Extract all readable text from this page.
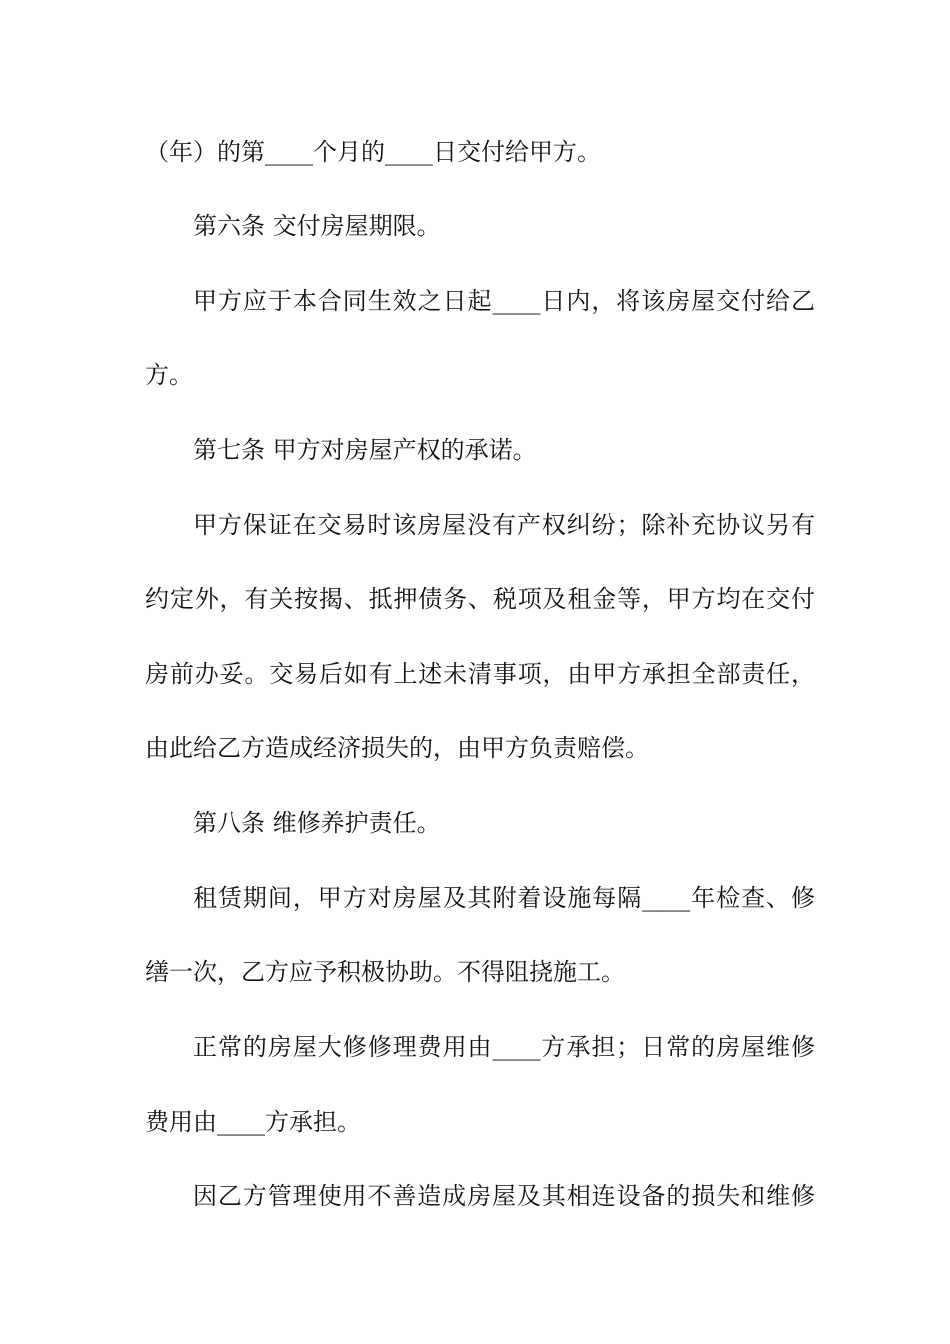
（年）的第____个月的____日交付给甲方。
第六条 交付房屋期限。
甲方应于本合同生效之日起____日内，将该房屋交付给乙
方。
第七条 甲方对房屋产权的承诺。
甲方保证在交易时该房屋没有产权纠纷；除补充协议另有
约定外，有关按揭、抵押债务、税项及租金等，甲方均在交付
房前办妥。交易后如有上述未清事项，由甲方承担全部责任，
由此给乙方造成经济损失的，由甲方负责赔偿。
第八条 维修养护责任。
租赁期间，甲方对房屋及其附着设施每隔____年检查、修
缮一次，乙方应予积极协助。不得阻挠施工。
正常的房屋大修修理费用由____方承担；日常的房屋维修
费用由____方承担。
因乙方管理使用不善造成房屋及其相连设备的损失和维修
